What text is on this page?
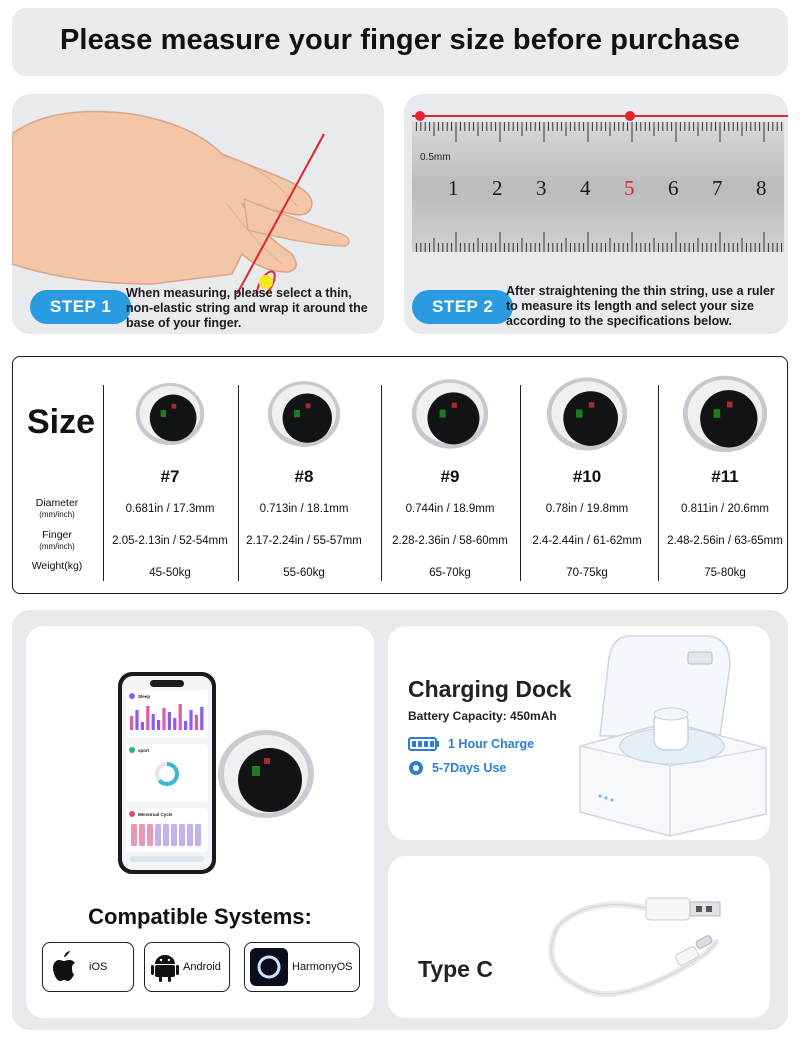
Please measure your finger size before purchase
STEP 1
When measuring, please select a thin, non-elastic string and wrap it around the base of your finger.
0.5mm
1 2 3 4 5 6 7 8
STEP 2
After straightening the thin string, use a ruler to measure its length and select your size according to the specifications below.
Size
Diameter
(mm/inch)
Finger
(mm/inch)
Weight(kg)
#7
0.681in / 17.3mm
2.05-2.13in / 52-54mm
45-50kg
#8
0.713in / 18.1mm
2.17-2.24in / 55-57mm
55-60kg
#9
0.744in / 18.9mm
2.28-2.36in / 58-60mm
65-70kg
#10
0.78in / 19.8mm
2.4-2.44in / 61-62mm
70-75kg
#11
0.811in / 20.6mm
2.48-2.56in / 63-65mm
75-80kg
Sleep
sport
Menstrual Cycle
Compatible Systems:
iOS	Android	HarmonyOS
Charging Dock
Battery Capacity: 450mAh
1 Hour Charge
5-7Days Use
Type C
